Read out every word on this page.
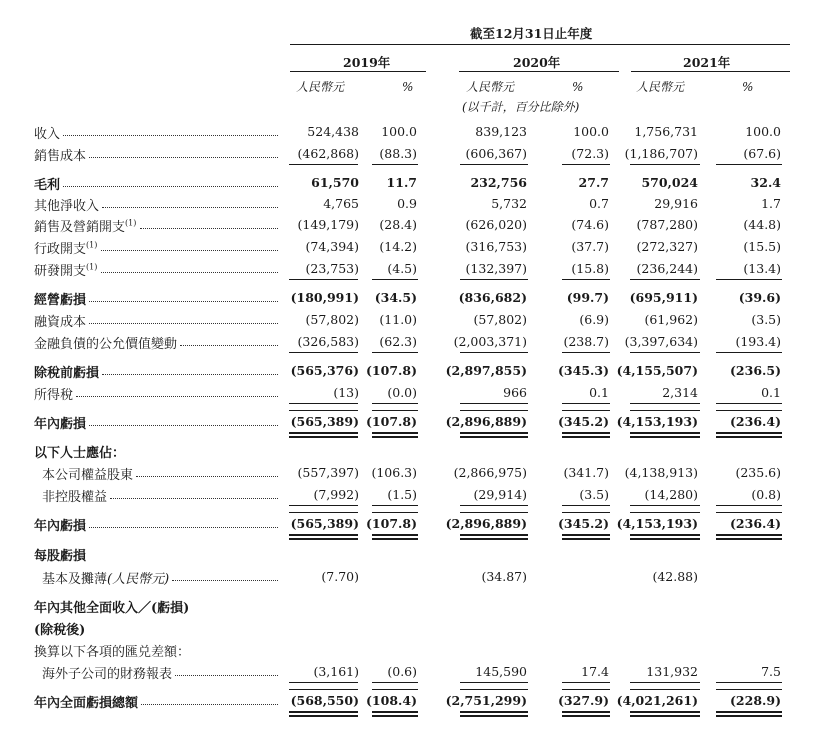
截至12月31日止年度
2019年	2020年	2021年
人民幣元	%	人民幣元	%	人民幣元	%
(以千計，百分比除外)
收入	524,438 100.0	839,123	100.0 1,756,731	100.0
銷售成本	(462,868) (88.3)	(606,367)	(72.3) (1,186,707)	(67.6)
毛利	61,570 11.7	232,756	27.7	570,024	32.4
其他淨收入	4,765	0.9	5,732	0.7	29,916	1.7
銷售及營銷開支$^{(1)}$	(149,179) (28.4)	(626,020)	(74.6) (787,280)	(44.8)
行政開支$^{(1)}$	(74,394) (14.2)	(316,753)	(37.7) (272,327)	(15.5)
研發開支$^{(1)}$	(23,753) (4.5)	(132,397)	(15.8) (236,244)	(13.4)
經營虧損	(180,991) (34.5)	(836,682)	(99.7) (695,911)	(39.6)
融資成本	(57,802) (11.0)	(57,802)	(6.9)	(61,962)	(3.5)
金融負債的公允價值變動	(326,583) (62.3)	(2,003,371)	(238.7) (3,397,634)	(193.4)
除稅前虧損	(565,376) (107.8) (2,897,855) (345.3) (4,155,507)	(236.5)
所得稅	(13) (0.0)	966	0.1	2,314	0.1
年內虧損	(565,389) (107.8) (2,896,889) (345.2) (4,153,193)	(236.4)
以下人士應佔：
本公司權益股東	(557,397) (106.3)	(2,866,975)	(341.7) (4,138,913)	(235.6)
非控股權益	(7,992) (1.5)	(29,914)	(3.5)	(14,280)	(0.8)
年內虧損	(565,389) (107.8) (2,896,889) (345.2) (4,153,193)	(236.4)
每股虧損
基本及攤薄(人民幣元)	(7.70)	(34.87)	(42.88)
年內其他全面收入／(虧損)
(除稅後)
換算以下各項的匯兑差額：
海外子公司的財務報表	(3,161) (0.6)	145,590	17.4	131,932	7.5
年內全面虧損總額	(568,550) (108.4) (2,751,299) (327.9) (4,021,261)	(228.9)
